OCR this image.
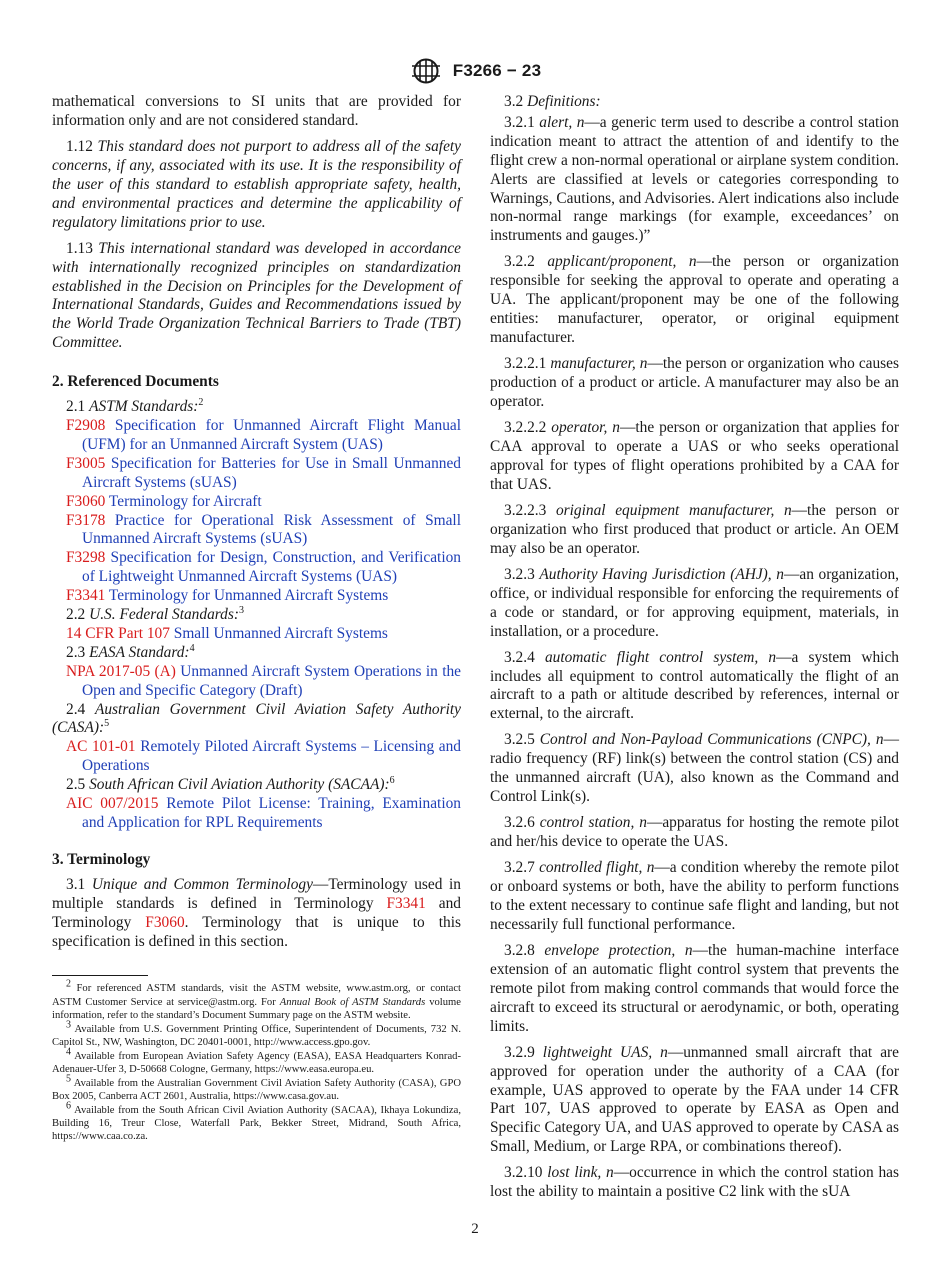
F3266 − 23

mathematical conversions to SI units that are provided for information only and are not considered standard.

1.12 This standard does not purport to address all of the safety concerns, if any, associated with its use. It is the responsibility of the user of this standard to establish appropriate safety, health, and environmental practices and determine the applicability of regulatory limitations prior to use.

1.13 This international standard was developed in accordance with internationally recognized principles on standardization established in the Decision on Principles for the Development of International Standards, Guides and Recommendations issued by the World Trade Organization Technical Barriers to Trade (TBT) Committee.

2. Referenced Documents

2.1 ASTM Standards:$^2$

F2908 Specification for Unmanned Aircraft Flight Manual (UFM) for an Unmanned Aircraft System (UAS)

F3005 Specification for Batteries for Use in Small Unmanned Aircraft Systems (sUAS)

F3060 Terminology for Aircraft

F3178 Practice for Operational Risk Assessment of Small Unmanned Aircraft Systems (sUAS)

F3298 Specification for Design, Construction, and Verification of Lightweight Unmanned Aircraft Systems (UAS)

F3341 Terminology for Unmanned Aircraft Systems

2.2 U.S. Federal Standards:$^3$

14 CFR Part 107 Small Unmanned Aircraft Systems

2.3 EASA Standard:$^4$

NPA 2017-05 (A) Unmanned Aircraft System Operations in the Open and Specific Category (Draft)

2.4 Australian Government Civil Aviation Safety Authority (CASA):$^5$

AC 101-01 Remotely Piloted Aircraft Systems – Licensing and Operations

2.5 South African Civil Aviation Authority (SACAA):$^6$

AIC 007/2015 Remote Pilot License: Training, Examination and Application for RPL Requirements

3. Terminology

3.1 Unique and Common Terminology—Terminology used in multiple standards is defined in Terminology F3341 and Terminology F3060. Terminology that is unique to this specification is defined in this section.

$^2$ For referenced ASTM standards, visit the ASTM website, www.astm.org, or contact ASTM Customer Service at service@astm.org. For Annual Book of ASTM Standards volume information, refer to the standard’s Document Summary page on the ASTM website.

$^3$ Available from U.S. Government Printing Office, Superintendent of Documents, 732 N. Capitol St., NW, Washington, DC 20401-0001, http://www.access.gpo.gov.

$^4$ Available from European Aviation Safety Agency (EASA), EASA Headquarters Konrad-Adenauer-Ufer 3, D-50668 Cologne, Germany, https://www.easa.europa.eu.

$^5$ Available from the Australian Government Civil Aviation Safety Authority (CASA), GPO Box 2005, Canberra ACT 2601, Australia, https://www.casa.gov.au.

$^6$ Available from the South African Civil Aviation Authority (SACAA), Ikhaya Lokundiza, Building 16, Treur Close, Waterfall Park, Bekker Street, Midrand, South Africa, https://www.caa.co.za.

3.2 Definitions:

3.2.1 alert, n—a generic term used to describe a control station indication meant to attract the attention of and identify to the flight crew a non-normal operational or airplane system condition. Alerts are classified at levels or categories corresponding to Warnings, Cautions, and Advisories. Alert indications also include non-normal range markings (for example, exceedances’ on instruments and gauges.)”

3.2.2 applicant/proponent, n—the person or organization responsible for seeking the approval to operate and operating a UA. The applicant/proponent may be one of the following entities: manufacturer, operator, or original equipment manufacturer.

3.2.2.1 manufacturer, n—the person or organization who causes production of a product or article. A manufacturer may also be an operator.

3.2.2.2 operator, n—the person or organization that applies for CAA approval to operate a UAS or who seeks operational approval for types of flight operations prohibited by a CAA for that UAS.

3.2.2.3 original equipment manufacturer, n—the person or organization who first produced that product or article. An OEM may also be an operator.

3.2.3 Authority Having Jurisdiction (AHJ), n—an organization, office, or individual responsible for enforcing the requirements of a code or standard, or for approving equipment, materials, in installation, or a procedure.

3.2.4 automatic flight control system, n—a system which includes all equipment to control automatically the flight of an aircraft to a path or altitude described by references, internal or external, to the aircraft.

3.2.5 Control and Non-Payload Communications (CNPC), n—radio frequency (RF) link(s) between the control station (CS) and the unmanned aircraft (UA), also known as the Command and Control Link(s).

3.2.6 control station, n—apparatus for hosting the remote pilot and her/his device to operate the UAS.

3.2.7 controlled flight, n—a condition whereby the remote pilot or onboard systems or both, have the ability to perform functions to the extent necessary to continue safe flight and landing, but not necessarily full functional performance.

3.2.8 envelope protection, n—the human-machine interface extension of an automatic flight control system that prevents the remote pilot from making control commands that would force the aircraft to exceed its structural or aerodynamic, or both, operating limits.

3.2.9 lightweight UAS, n—unmanned small aircraft that are approved for operation under the authority of a CAA (for example, UAS approved to operate by the FAA under 14 CFR Part 107, UAS approved to operate by EASA as Open and Specific Category UA, and UAS approved to operate by CASA as Small, Medium, or Large RPA, or combinations thereof).

3.2.10 lost link, n—occurrence in which the control station has lost the ability to maintain a positive C2 link with the sUA

2
